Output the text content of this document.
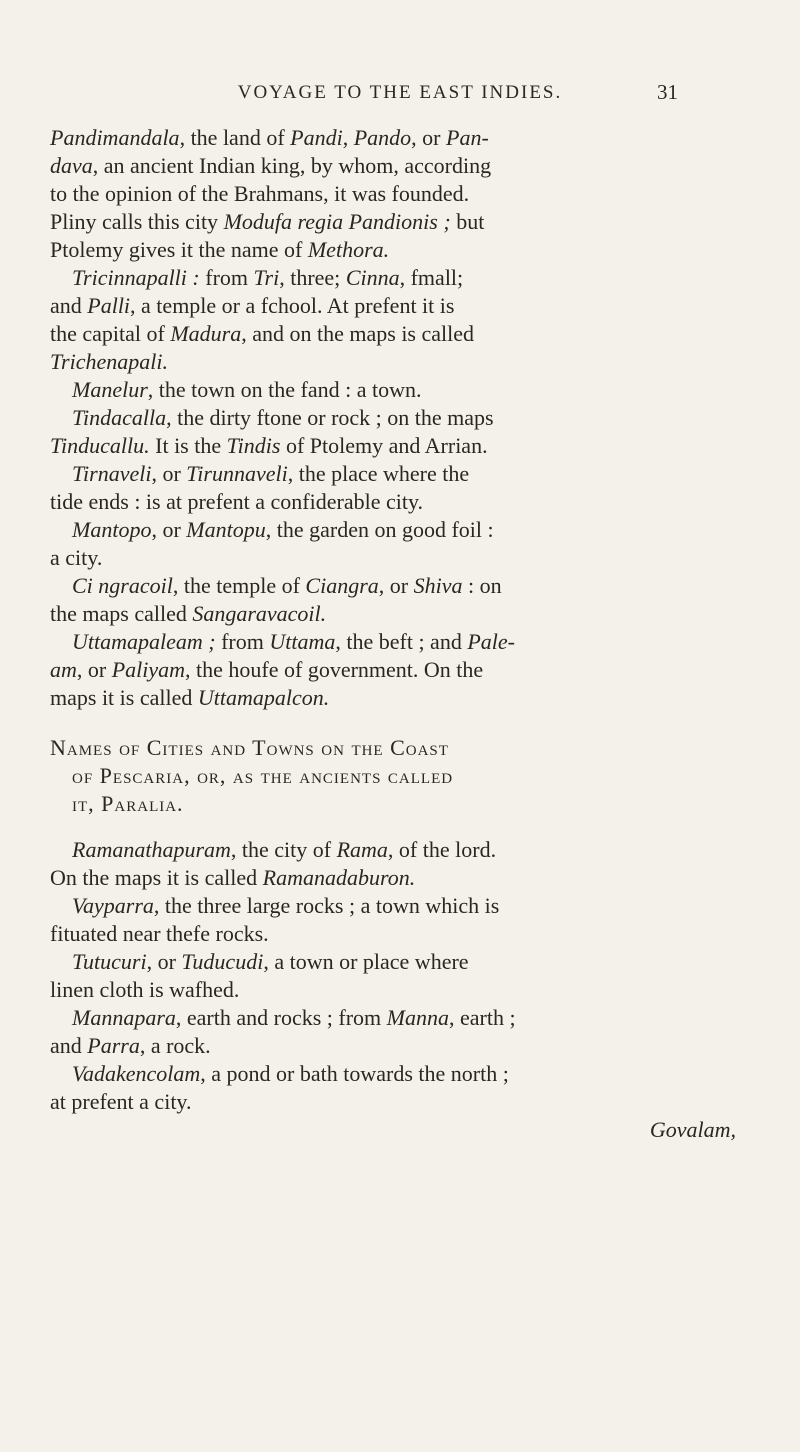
VOYAGE TO THE EAST INDIES.	31
Pandimandala, the land of Pandi, Pando, or Pan-
dava, an ancient Indian king, by whom, according
to the opinion of the Brahmans, it was founded.
Pliny calls this city Modufa regia Pandionis ; but
Ptolemy gives it the name of Methora.
Tricinnapalli : from Tri, three; Cinna, fmall;
and Palli, a temple or a fchool. At prefent it is
the capital of Madura, and on the maps is called
Trichenapali.
Manelur, the town on the fand : a town.
Tindacalla, the dirty ftone or rock ; on the maps
Tinducallu. It is the Tindis of Ptolemy and Arrian.
Tirnaveli, or Tirunnaveli, the place where the
tide ends : is at prefent a confiderable city.
Mantopo, or Mantopu, the garden on good foil :
a city.
Ci ngracoil, the temple of Ciangra, or Shiva : on
the maps called Sangaravacoil.
Uttamapaleam ; from Uttama, the beft ; and Pale-
am, or Paliyam, the houfe of government. On the
maps it is called Uttamapalcon.
Names of Cities and Towns on the Coast
of Pescaria, or, as the ancients called
it, Paralia.
Ramanathapuram, the city of Rama, of the lord.
On the maps it is called Ramanadaburon.
Vayparra, the three large rocks ; a town which is
fituated near thefe rocks.
Tutucuri, or Tuducudi, a town or place where
linen cloth is wafhed.
Mannapara, earth and rocks ; from Manna, earth ;
and Parra, a rock.
Vadakencolam, a pond or bath towards the north ;
at prefent a city.
Govalam,
